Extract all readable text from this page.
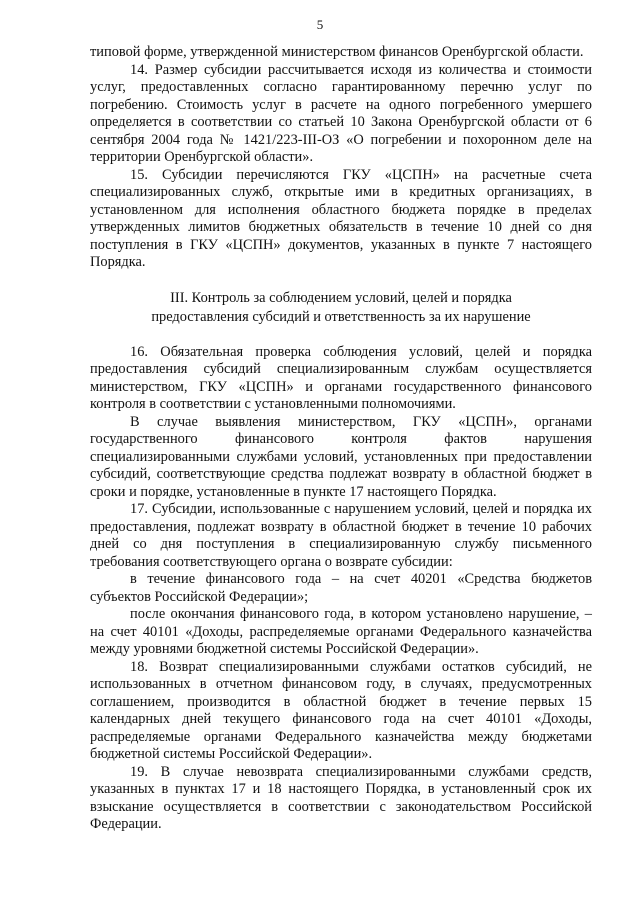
5

типовой форме, утвержденной министерством финансов Оренбургской области.

14. Размер субсидии рассчитывается исходя из количества и стоимости услуг, предоставленных согласно гарантированному перечню услуг по погребению. Стоимость услуг в расчете на одного погребенного умершего определяется в соответствии со статьей 10 Закона Оренбургской области от 6 сентября 2004 года № 1421/223-III-ОЗ «О погребении и похоронном деле на территории Оренбургской области».

15. Субсидии перечисляются ГКУ «ЦСПН» на расчетные счета специализированных служб, открытые ими в кредитных организациях, в установленном для исполнения областного бюджета порядке в пределах утвержденных лимитов бюджетных обязательств в течение 10 дней со дня поступления в ГКУ «ЦСПН» документов, указанных в пункте 7 настоящего Порядка.

III. Контроль за соблюдением условий, целей и порядка
предоставления субсидий и ответственность за их нарушение

16. Обязательная проверка соблюдения условий, целей и порядка предоставления субсидий специализированным службам осуществляется министерством, ГКУ «ЦСПН» и органами государственного финансового контроля в соответствии с установленными полномочиями.

В случае выявления министерством, ГКУ «ЦСПН», органами государственного финансового контроля фактов нарушения специализированными службами условий, установленных при предоставлении субсидий, соответствующие средства подлежат возврату в областной бюджет в сроки и порядке, установленные в пункте 17 настоящего Порядка.

17. Субсидии, использованные с нарушением условий, целей и порядка их предоставления, подлежат возврату в областной бюджет в течение 10 рабочих дней со дня поступления в специализированную службу письменного требования соответствующего органа о возврате субсидии:

в течение финансового года – на счет 40201 «Средства бюджетов субъектов Российской Федерации»;

после окончания финансового года, в котором установлено нарушение, – на счет 40101 «Доходы, распределяемые органами Федерального казначейства между уровнями бюджетной системы Российской Федерации».

18. Возврат специализированными службами остатков субсидий, не использованных в отчетном финансовом году, в случаях, предусмотренных соглашением, производится в областной бюджет в течение первых 15 календарных дней текущего финансового года на счет 40101 «Доходы, распределяемые органами Федерального казначейства между бюджетами бюджетной системы Российской Федерации».

19. В случае невозврата специализированными службами средств, указанных в пунктах 17 и 18 настоящего Порядка, в установленный срок их взыскание осуществляется в соответствии с законодательством Российской Федерации.
